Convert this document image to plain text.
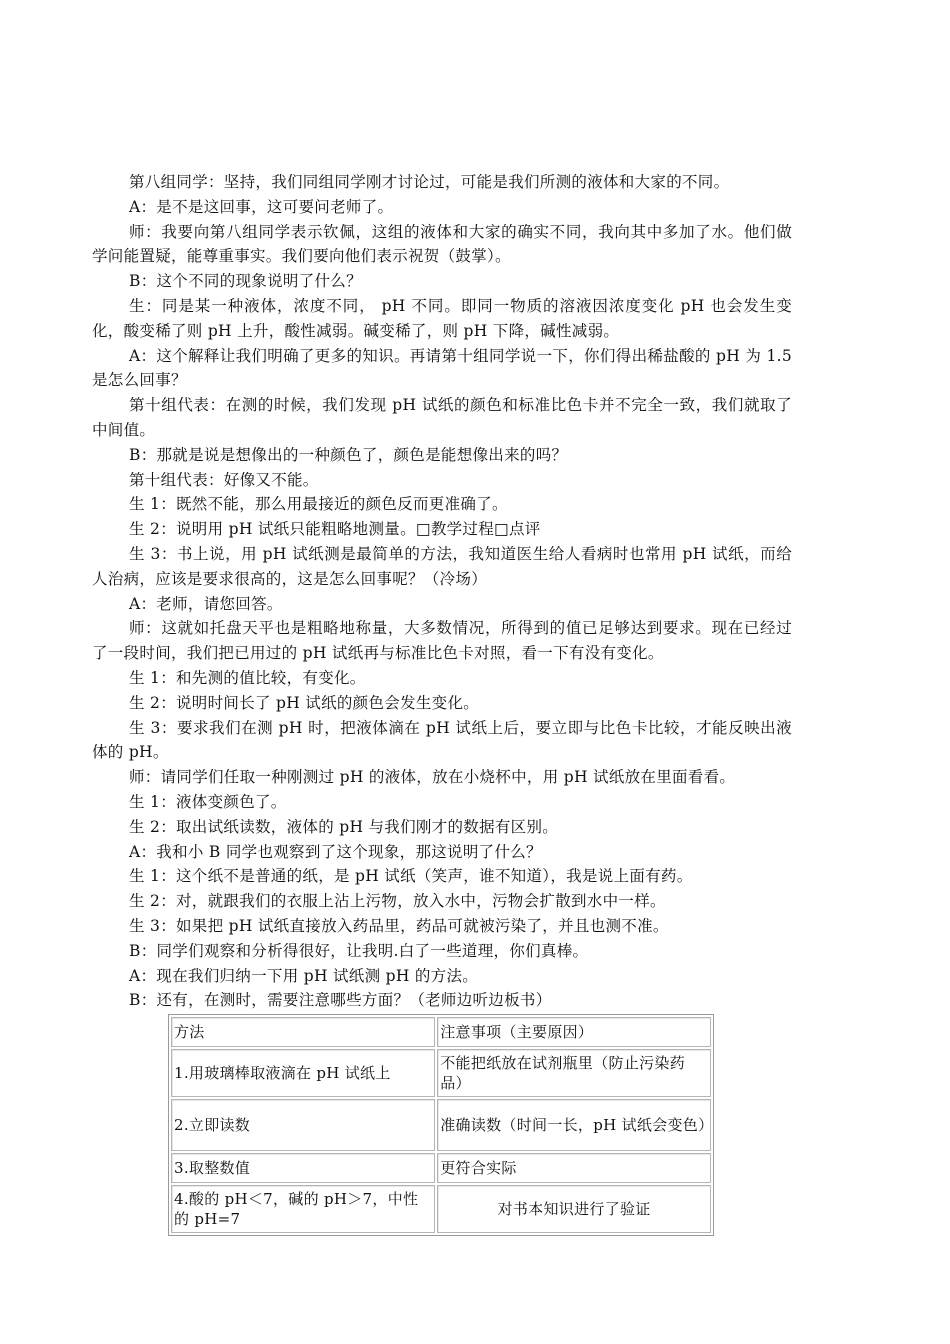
第八组同学：坚持，我们同组同学刚才讨论过，可能是我们所测的液体和大家的不同。

A：是不是这回事，这可要问老师了。

师：我要向第八组同学表示钦佩，这组的液体和大家的确实不同，我向其中多加了水。他们做学问能置疑，能尊重事实。我们要向他们表示祝贺（鼓掌）。

B：这个不同的现象说明了什么？

生：同是某一种液体，浓度不同， pH 不同。即同一物质的溶液因浓度变化 pH 也会发生变化，酸变稀了则 pH 上升，酸性减弱。碱变稀了，则 pH 下降，碱性减弱。

A：这个解释让我们明确了更多的知识。再请第十组同学说一下，你们得出稀盐酸的 pH 为 1.5 是怎么回事？

第十组代表：在测的时候，我们发现 pH 试纸的颜色和标准比色卡并不完全一致，我们就取了中间值。

B：那就是说是想像出的一种颜色了，颜色是能想像出来的吗？

第十组代表：好像又不能。

生 1：既然不能，那么用最接近的颜色反而更准确了。

生 2：说明用 pH 试纸只能粗略地测量。□教学过程□点评

生 3：书上说，用 pH 试纸测是最简单的方法，我知道医生给人看病时也常用 pH 试纸，而给人治病，应该是要求很高的，这是怎么回事呢？（冷场）

A：老师，请您回答。

师：这就如托盘天平也是粗略地称量，大多数情况，所得到的值已足够达到要求。现在已经过了一段时间，我们把已用过的 pH 试纸再与标准比色卡对照，看一下有没有变化。

生 1：和先测的值比较，有变化。

生 2：说明时间长了 pH 试纸的颜色会发生变化。

生 3：要求我们在测 pH 时，把液体滴在 pH 试纸上后，要立即与比色卡比较，才能反映出液体的 pH。

师：请同学们任取一种刚测过 pH 的液体，放在小烧杯中，用 pH 试纸放在里面看看。

生 1：液体变颜色了。

生 2：取出试纸读数，液体的 pH 与我们刚才的数据有区别。

A：我和小 B 同学也观察到了这个现象，那这说明了什么？

生 1：这个纸不是普通的纸，是 pH 试纸（笑声，谁不知道），我是说上面有药。

生 2：对，就跟我们的衣服上沾上污物，放入水中，污物会扩散到水中一样。

生 3：如果把 pH 试纸直接放入药品里，药品可就被污染了，并且也测不准。

B：同学们观察和分析得很好，让我明.白了一些道理，你们真棒。

A：现在我们归纳一下用 pH 试纸测 pH 的方法。

B：还有，在测时，需要注意哪些方面？（老师边听边板书）

方法	注意事项（主要原因）
1.用玻璃棒取液滴在 pH 试纸上	不能把纸放在试剂瓶里（防止污染药品）
2.立即读数	准确读数（时间一长，pH 试纸会变色）
3.取整数值	更符合实际
4.酸的 pH＜7，碱的 pH＞7，中性的 pH=7	对书本知识进行了验证
